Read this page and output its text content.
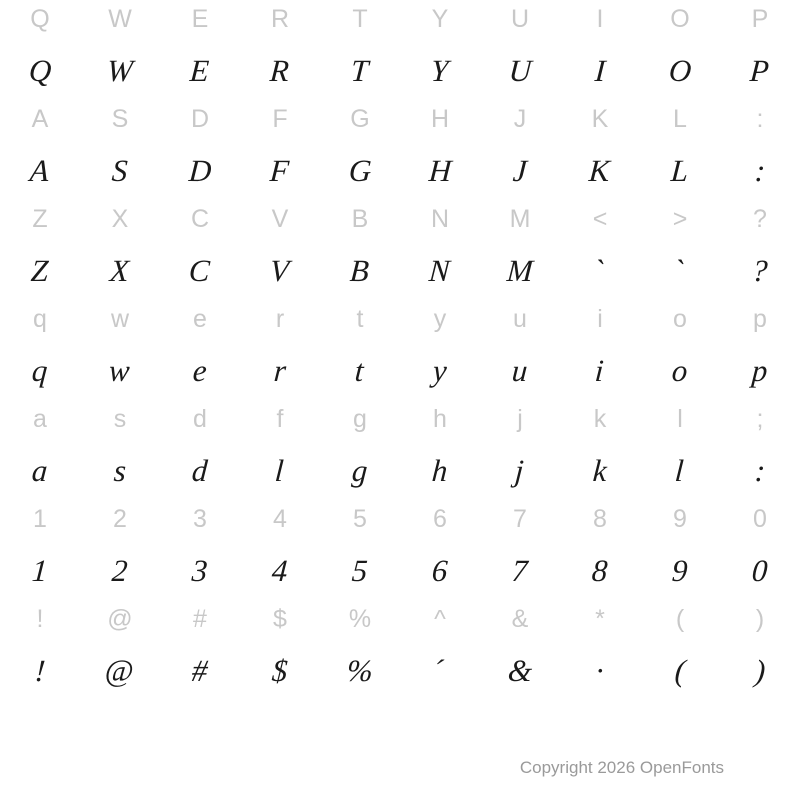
Q
Q
W
W
E
E
R
R
T
T
Y
Y
U
U
I
I
O
O
P
P
A
A
S
S
D
D
F
F
G
G
H
H
J
J
K
K
L
L
:
:
Z
Z
X
X
C
C
V
V
B
B
N
N
M
M
<
ˋ
>
ˋ
?
?
q
q
w
w
e
e
r
r
t
t
y
y
u
u
i
i
o
o
p
p
a
a
s
s
d
d
f
l
g
g
h
h
j
j
k
k
l
l
;
:
1
1
2
2
3
3
4
4
5
5
6
6
7
7
8
8
9
9
0
0
!
!
@
@
#
#
$
$
%
%
^
ˊ
&
&
*
·
(
(
)
)
Copyright 2026 OpenFonts
